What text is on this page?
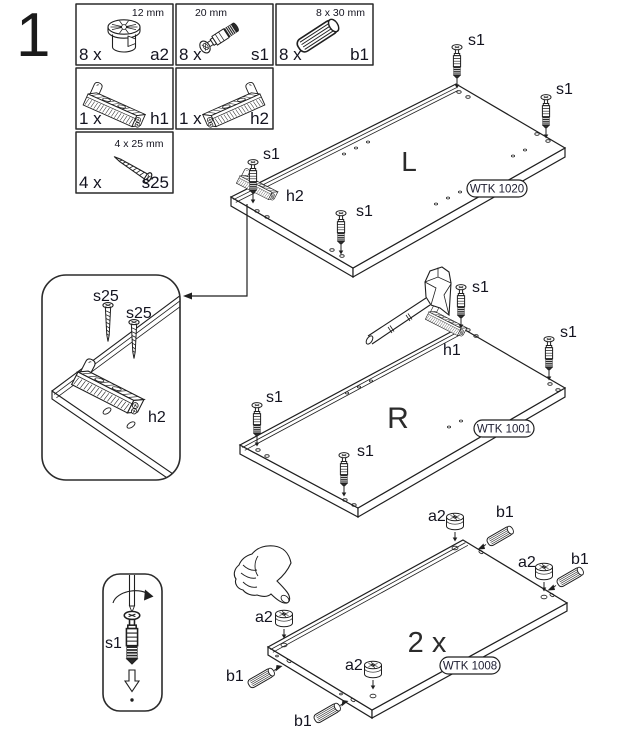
1 8 x	a2
12 mm
8 x	s1
20 mm
8 x	b1
8 x 30 mm
1 x	h1 1 x	h2
4 x s25
4 x 25 mm
s1
s1
s1
s1
h2
L
WTK 1020
s25
s25
h2
s1
s1
s1
s1
h1
R	WTK 1001
s1
a2	b1
a2 b1
a2
b1
a2
b1
2 x
WTK 1008
